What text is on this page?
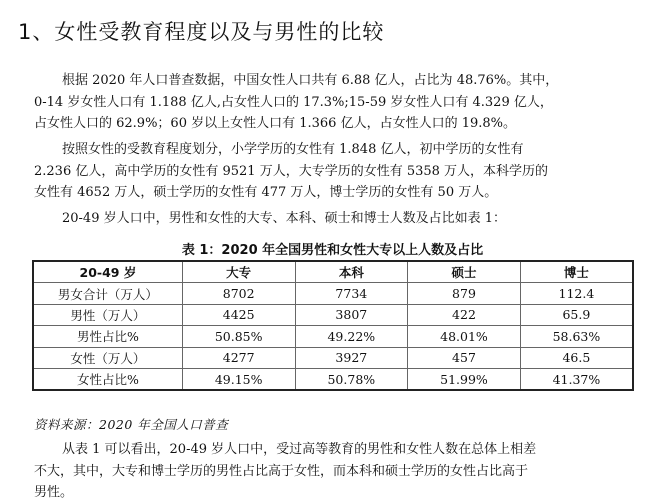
1、女性受教育程度以及与男性的比较
根据 2020 年人口普查数据，中国女性人口共有 6.88 亿人，占比为 48.76%。其中，
0-14 岁女性人口有 1.188 亿人,占女性人口的 17.3%;15-59 岁女性人口有 4.329 亿人，
占女性人口的 62.9%；60 岁以上女性人口有 1.366 亿人，占女性人口的 19.8%。
按照女性的受教育程度划分，小学学历的女性有 1.848 亿人，初中学历的女性有
2.236 亿人，高中学历的女性有 9521 万人，大专学历的女性有 5358 万人，本科学历的
女性有 4652 万人，硕士学历的女性有 477 万人，博士学历的女性有 50 万人。
20-49 岁人口中，男性和女性的大专、本科、硕士和博士人数及占比如表 1：
表 1：2020 年全国男性和女性大专以上人数及占比
20-49 岁	大专	本科	硕士	博士
男女合计（万人）	8702	7734	879	112.4
男性（万人）	4425	3807	422	65.9
男性占比%	50.85%	49.22%	48.01%	58.63%
女性（万人）	4277	3927	457	46.5
女性占比%	49.15%	50.78%	51.99%	41.37%
资料来源：2020 年全国人口普查
从表 1 可以看出，20-49 岁人口中，受过高等教育的男性和女性人数在总体上相差
不大，其中，大专和博士学历的男性占比高于女性，而本科和硕士学历的女性占比高于
男性。
